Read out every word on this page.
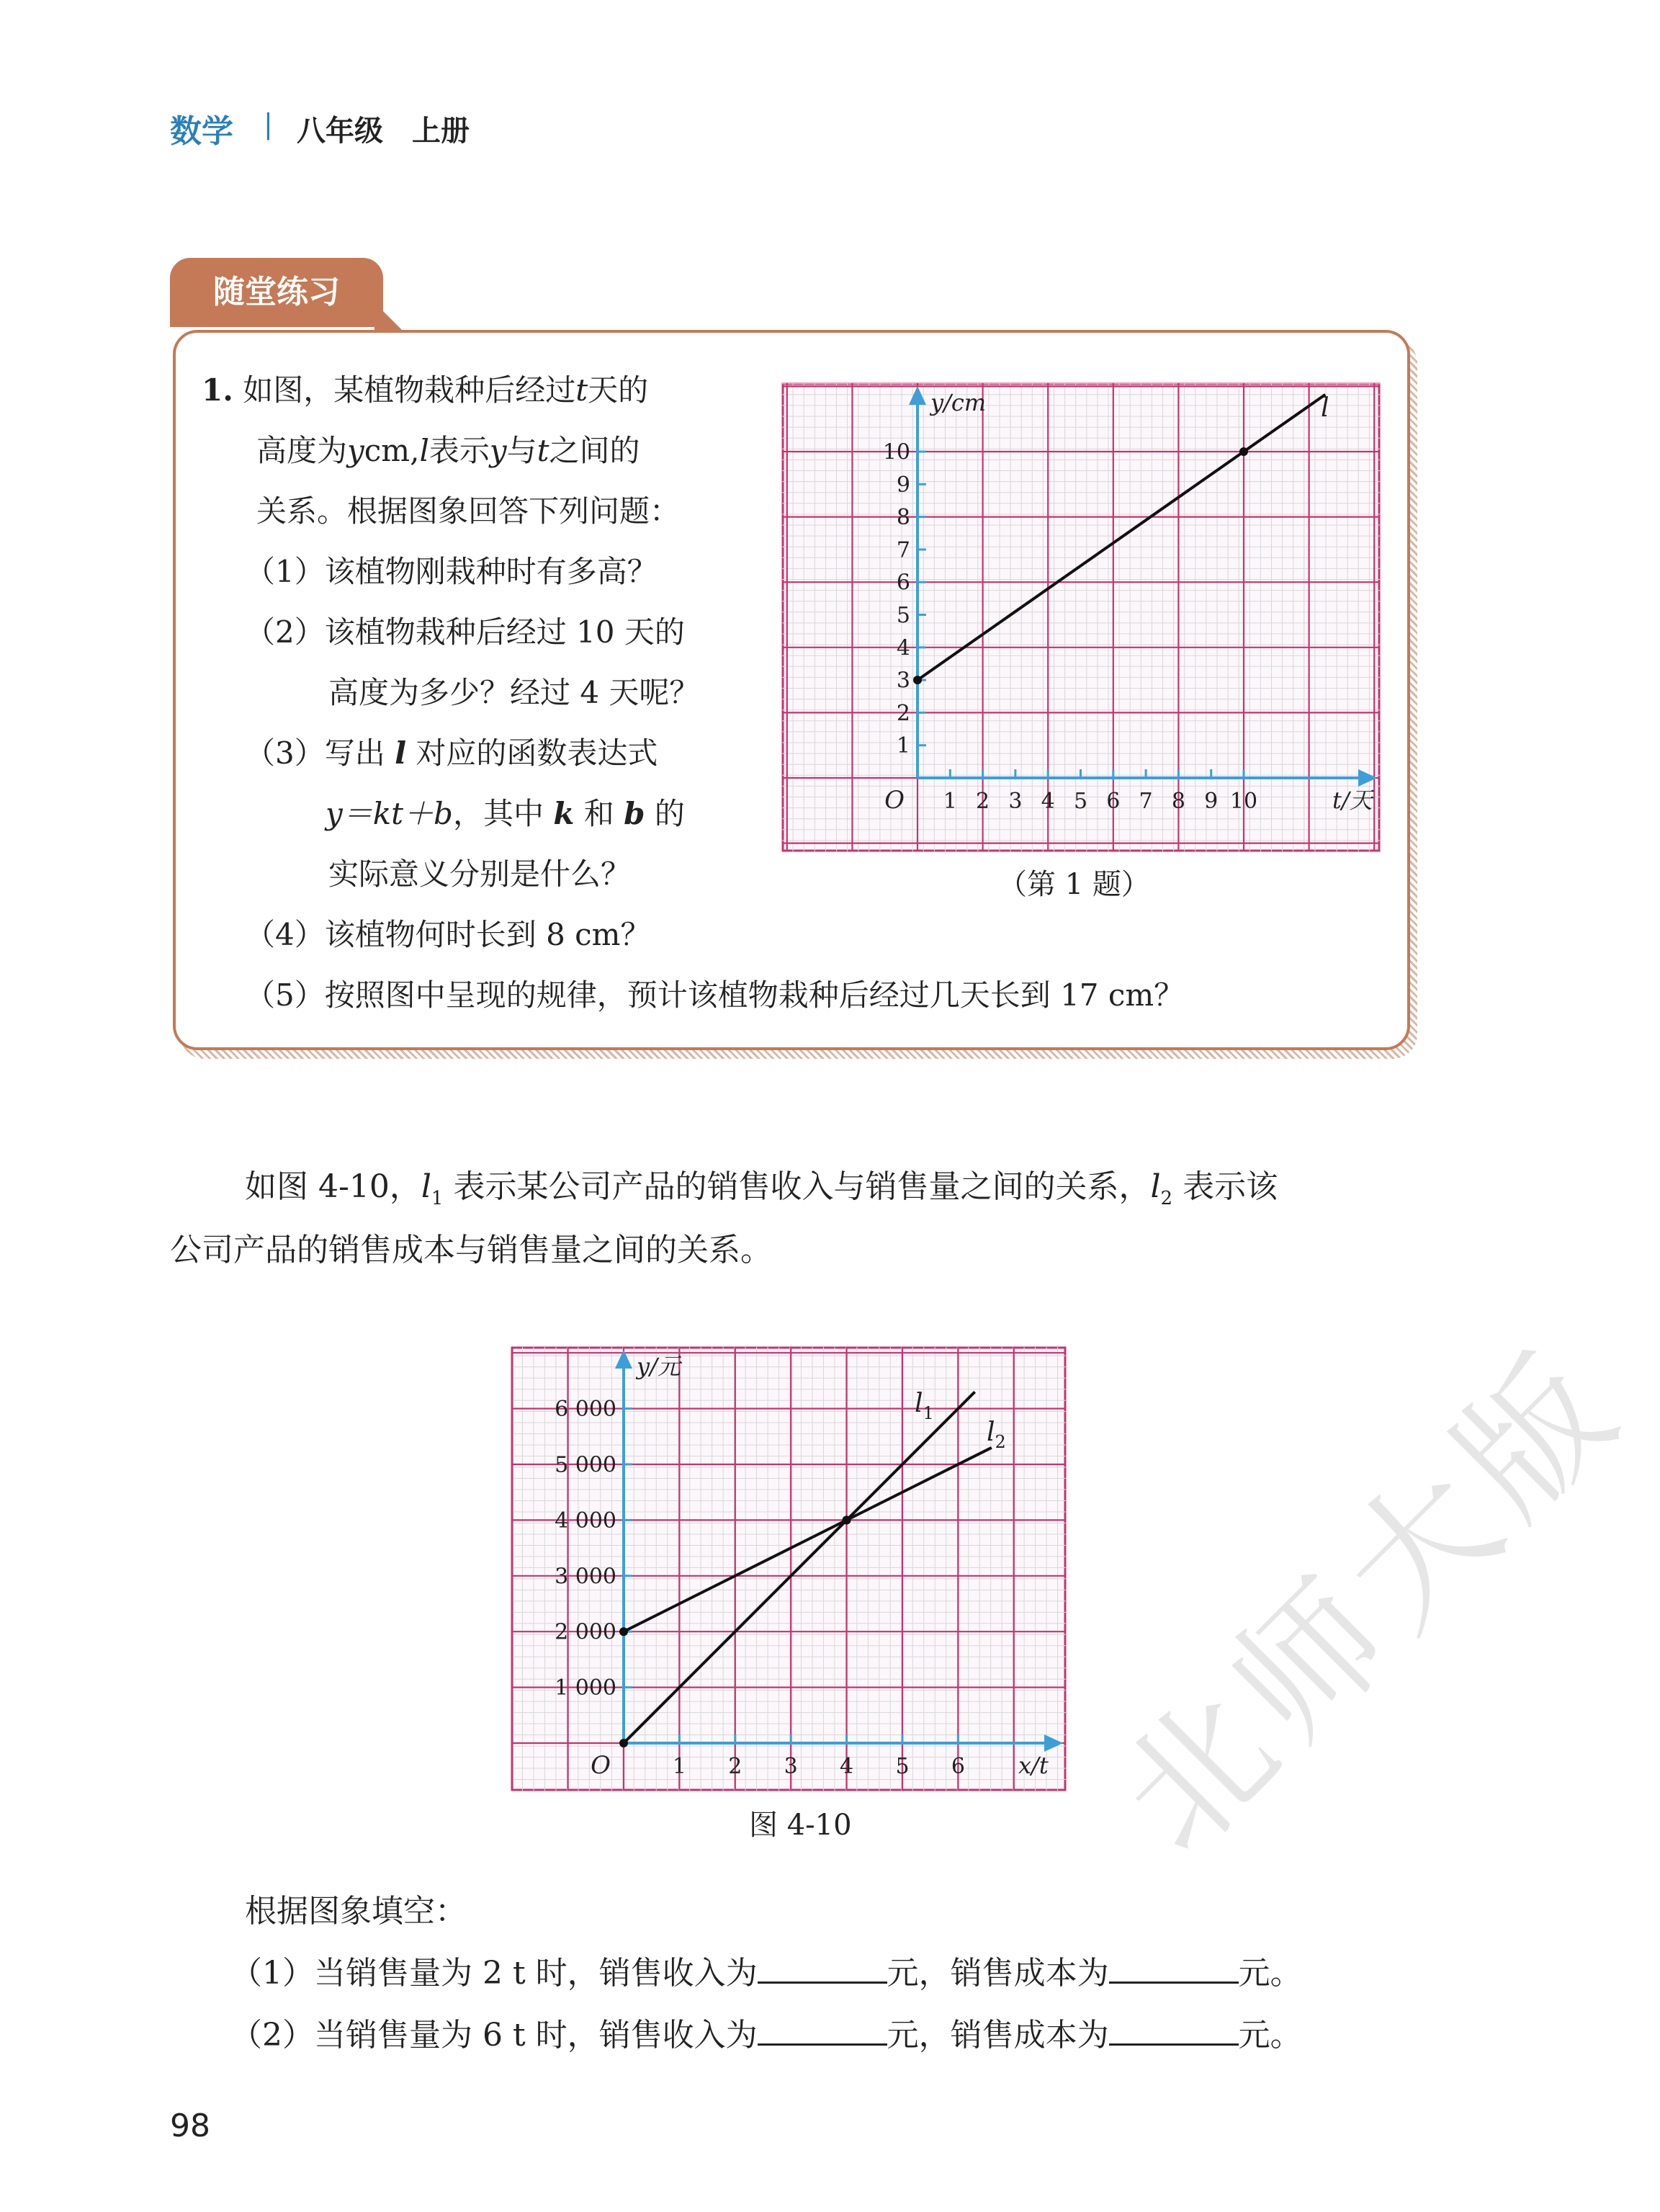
数学 | 八年级　上册
随堂练习
1. 如图，某植物栽种后经过t天的
高度为ycm,l表示y与t之间的
关系。根据图象回答下列问题：
（1）该植物刚栽种时有多高？
（2）该植物栽种后经过 10 天的
高度为多少？经过 4 天呢？
（3）写出 l 对应的函数表达式
y＝kt＋b，其中 k 和 b 的
实际意义分别是什么？
（4）该植物何时长到 8 cm？
（5）按照图中呈现的规律，预计该植物栽种后经过几天长到 17 cm？
1 2 3 4 5 6 7 8 9 10
1
2
3
4
5
6
7
8
9
10
O	t/天
y/cm	l
（第 1 题）
如图 4-10，$l_1$ 表示某公司产品的销售收入与销售量之间的关系，$l_2$ 表示该
公司产品的销售成本与销售量之间的关系。
1 2 3 4 5 6
1 000
2 000
3 000
4 000
5 000
6 000
O	x/t
y/元
$l_1$
$l_2$
图 4-10
根据图象填空：
（1）当销售量为 2 t 时，销售收入为	元，销售成本为	元。
（2）当销售量为 6 t 时，销售收入为	元，销售成本为	元。
98
北师大版
